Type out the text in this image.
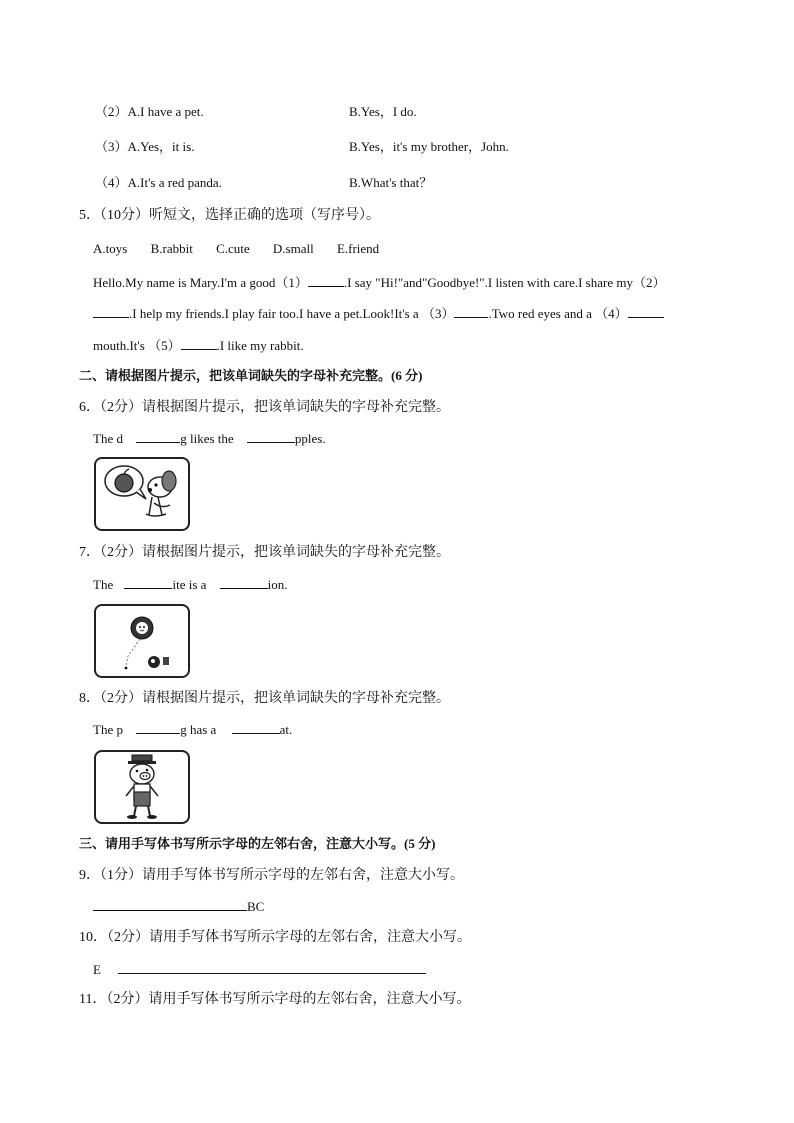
（2）A.I have a pet.	B.Yes，I do.
（3）A.Yes，it is.	B.Yes，it's my brother，John.
（4）A.It's a red panda.	B.What's that？
5．（10分）听短文，选择正确的选项（写序号）。
A.toys B.rabbit C.cute D.small E.friend
Hello.My name is Mary.I'm a good（1）	.I say "Hi!"and"Goodbye!".I listen with care.I share my（2）
.I help my friends.I play fair too.I have a pet.Look!It's a （3）	.Two red eyes and a （4）
mouth.It's （5）	.I like my rabbit.
二、请根据图片提示，把该单词缺失的字母补充完整。(6 分)
6．（2分）请根据图片提示，把该单词缺失的字母补充完整。
The d	g likes the	pples.
7．（2分）请根据图片提示，把该单词缺失的字母补充完整。
The	ite is a	ion.
8．（2分）请根据图片提示，把该单词缺失的字母补充完整。
The p	g has a	at.
三、请用手写体书写所示字母的左邻右舍，注意大小写。(5 分)
9．（1分）请用手写体书写所示字母的左邻右舍，注意大小写。
BC
10．（2分）请用手写体书写所示字母的左邻右舍，注意大小写。
E
11．（2分）请用手写体书写所示字母的左邻右舍，注意大小写。
